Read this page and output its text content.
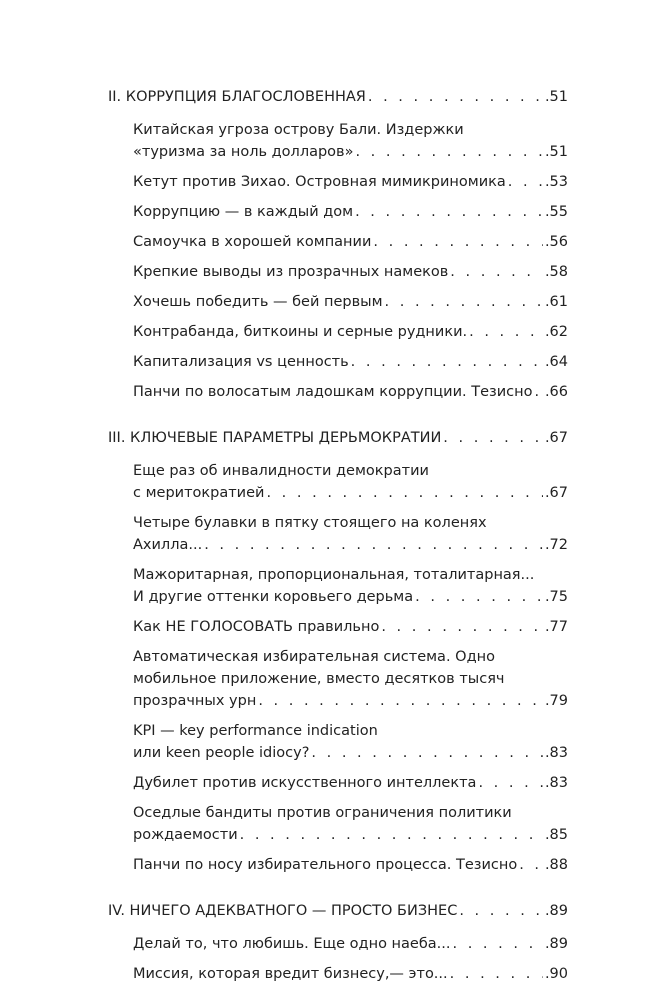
II. КОРРУПЦИЯ БЛАГОСЛОВЕННАЯ . . .	.51
Китайская угроза острову Бали. Издержки
«туризма за ноль долларов» . . .	.51
Кетут против Зихао. Островная мимикриномика . . .	.53
Коррупцию — в каждый дом . . .	.55
Самоучка в хорошей компании . . .	.56
Крепкие выводы из прозрачных намеков . . .	.58
Хочешь победить — бей первым . . .	.61
Контрабанда, биткоины и серные рудники. . . .	.62
Капитализация vs ценность . . .	.64
Панчи по волосатым ладошкам коррупции. Тезисно . . . .66
III. КЛЮЧЕВЫЕ ПАРАМЕТРЫ ДЕРЬМОКРАТИИ . . .	.67
Еще раз об инвалидности демократии
с меритократией . . .	.67
Четыре булавки в пятку стоящего на коленях
Ахилла... . . .	.72
Мажоритарная, пропорциональная, тоталитарная...
И другие оттенки коровьего дерьма . . .	.75
Как НЕ ГОЛОСОВАТЬ правильно . . .	.77
Автоматическая избирательная система. Одно
мобильное приложение, вместо десятков тысяч
прозрачных урн . . .	.79
KPI — key performance indication
или keen people idiocy? . . .	.83
Дубилет против искусственного интеллекта . . .	.83
Оседлые бандиты против ограничения политики
рождаемости . . .	.85
Панчи по носу избирательного процесса. Тезисно . . . .88
IV. НИЧЕГО АДЕКВАТНОГО — ПРОСТО БИЗНЕС . . .	.89
Делай то, что любишь. Еще одно наеба... . . .	.89
Миссия, которая вредит бизнесу,— это... . . .	.90
